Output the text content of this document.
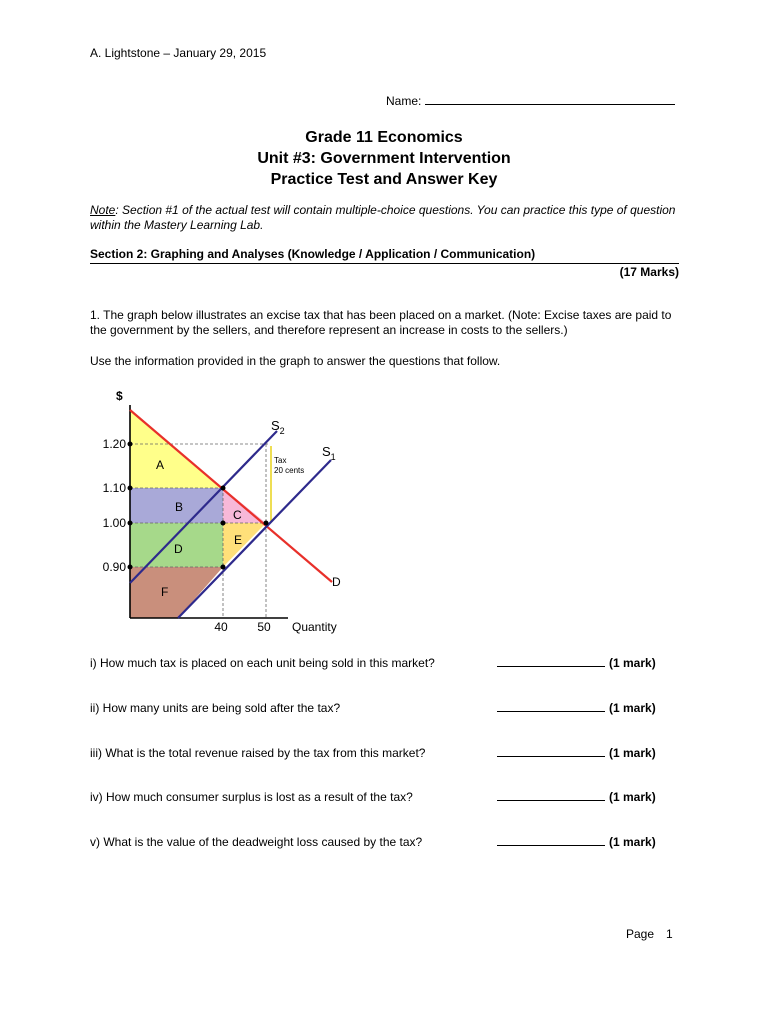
A. Lightstone – January 29, 2015
Name:
Grade 11 Economics
Unit #3: Government Intervention
Practice Test and Answer Key
Note: Section #1 of the actual test will contain multiple-choice questions. You can practice this type of question within the Mastery Learning Lab.
Section 2: Graphing and Analyses (Knowledge / Application / Communication)
(17 Marks)
1. The graph below illustrates an excise tax that has been placed on a market. (Note: Excise taxes are paid to the government by the sellers, and therefore represent an increase in costs to the sellers.)
Use the information provided in the graph to answer the questions that follow.
Tax
20 cents
A
B
C
D
E
F
$
1.20
1.10
1.00
0.90
40 50 Quantity
D
$S_2$
$S_1$
i) How much tax is placed on each unit being sold in this market?	(1 mark)
ii) How many units are being sold after the tax?	(1 mark)
iii) What is the total revenue raised by the tax from this market?	(1 mark)
iv) How much consumer surplus is lost as a result of the tax?	(1 mark)
v) What is the value of the deadweight loss caused by the tax?	(1 mark)
Page 1
